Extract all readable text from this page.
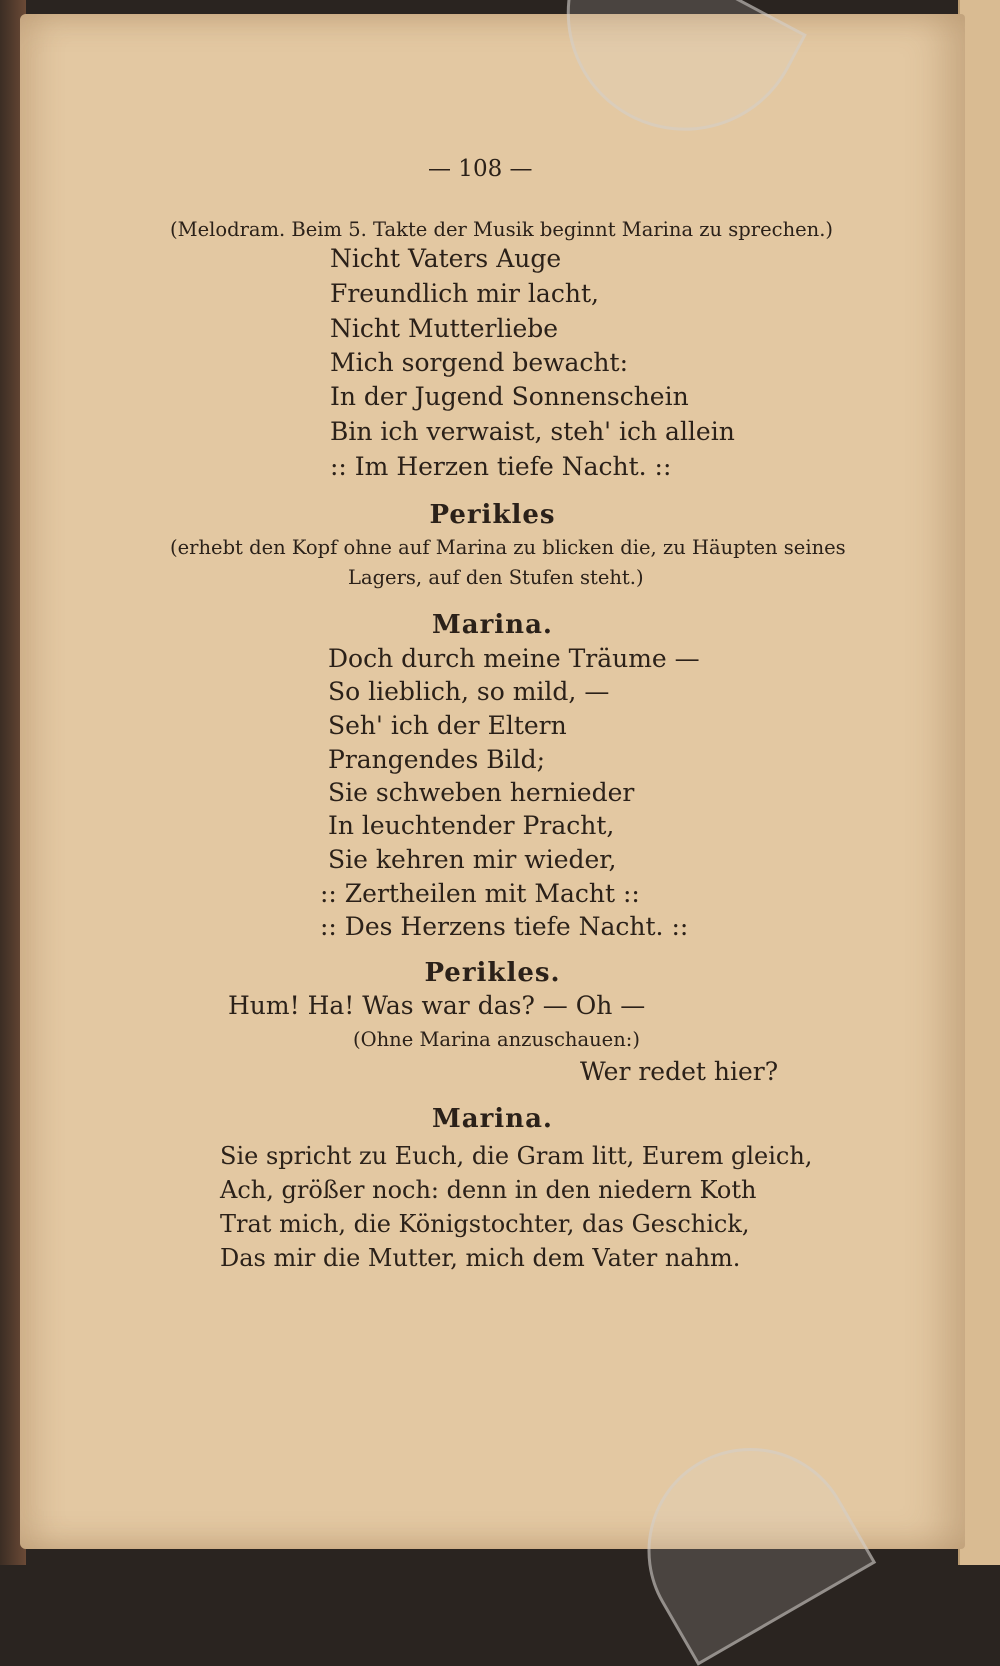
— 108 —
(Melodram. Beim 5. Takte der Musik beginnt Marina zu sprechen.)
Nicht Vaters Auge
Freundlich mir lacht,
Nicht Mutterliebe
Mich sorgend bewacht:
In der Jugend Sonnenschein
Bin ich verwaist, steh' ich allein
:: Im Herzen tiefe Nacht. ::
Perikles
(erhebt den Kopf ohne auf Marina zu blicken die, zu Häupten seines
Lagers, auf den Stufen steht.)
Marina.
Doch durch meine Träume —
So lieblich, so mild, —
Seh' ich der Eltern
Prangendes Bild;
Sie schweben hernieder
In leuchtender Pracht,
Sie kehren mir wieder,
:: Zertheilen mit Macht ::
:: Des Herzens tiefe Nacht. ::
Perikles.
Hum! Ha! Was war das? — Oh —
(Ohne Marina anzuschauen:)
Wer redet hier?
Marina.
Sie spricht zu Euch, die Gram litt, Eurem gleich,
Ach, größer noch: denn in den niedern Koth
Trat mich, die Königstochter, das Geschick,
Das mir die Mutter, mich dem Vater nahm.
